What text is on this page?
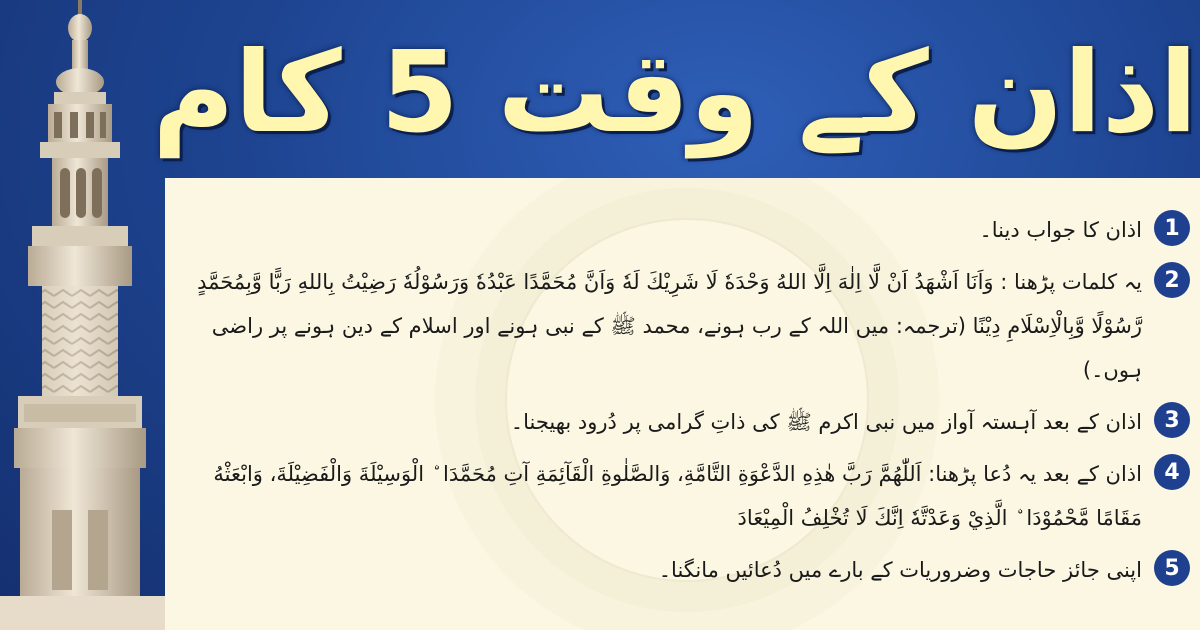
اذان کے وقت 5 کام
1
اذان کا جواب دینا۔
2
یہ کلمات پڑھنا : وَاَنَا اَشْهَدُ اَنْ لَّا اِلٰهَ اِلَّا اللهُ وَحْدَهٗ لَا شَرِيْكَ لَهٗ وَاَنَّ مُحَمَّدًا عَبْدُهٗ وَرَسُوْلُهٗ رَضِيْتُ بِاللهِ رَبًّا وَّبِمُحَمَّدٍ رَّسُوْلًا وَّبِالْاِسْلَامِ دِيْنًا (ترجمہ: میں اللہ کے رب ہونے، محمد ﷺ کے نبی ہونے اور اسلام کے دین ہونے پر راضی ہوں۔)
3
اذان کے بعد آہستہ آواز میں نبی اکرم ﷺ کی ذاتِ گرامی پر دُرود بھیجنا۔
4
اذان کے بعد یہ دُعا پڑھنا: اَللّٰهُمَّ رَبَّ هٰذِهِ الدَّعْوَةِ التَّامَّةِ، وَالصَّلٰوةِ الْقَآئِمَةِ آتِ مُحَمَّدَا ۨ الْوَسِيْلَةَ وَالْفَضِيْلَةَ، وَابْعَثْهُ مَقَامًا مَّحْمُوْدَا ۨ الَّذِيْ وَعَدْتَّهٗ اِنَّكَ لَا تُخْلِفُ الْمِيْعَادَ
5
اپنی جائز حاجات وضروریات کے بارے میں دُعائیں مانگنا۔
